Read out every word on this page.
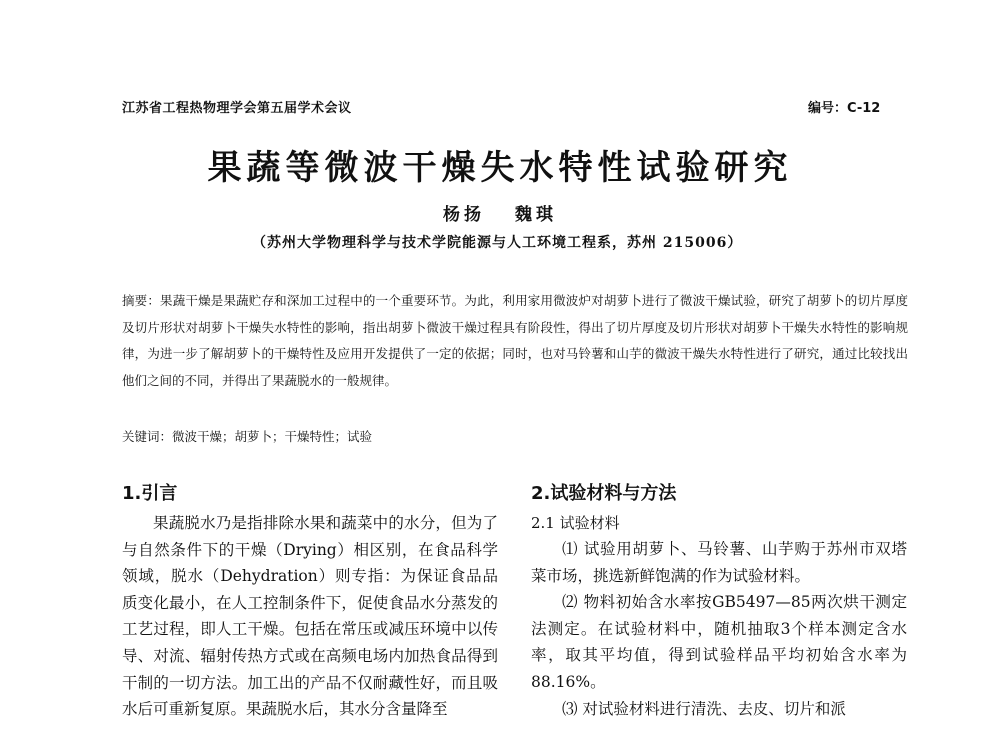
江苏省工程热物理学会第五届学术会议	编号：C-12
果蔬等微波干燥失水特性试验研究
杨扬 魏琪
（苏州大学物理科学与技术学院能源与人工环境工程系，苏州 215006）
摘要：果蔬干燥是果蔬贮存和深加工过程中的一个重要环节。为此，利用家用微波炉对胡萝卜进行了微波干燥试验，研究了胡萝卜的切片厚度及切片形状对胡萝卜干燥失水特性的影响，指出胡萝卜微波干燥过程具有阶段性，得出了切片厚度及切片形状对胡萝卜干燥失水特性的影响规律，为进一步了解胡萝卜的干燥特性及应用开发提供了一定的依据；同时，也对马铃薯和山芋的微波干燥失水特性进行了研究，通过比较找出他们之间的不同，并得出了果蔬脱水的一般规律。
关键词：微波干燥；胡萝卜；干燥特性；试验
1.引言

果蔬脱水乃是指排除水果和蔬菜中的水分，但为了与自然条件下的干燥（Drying）相区别，在食品科学领域，脱水（Dehydration）则专指：为保证食品品质变化最小，在人工控制条件下，促使食品水分蒸发的工艺过程，即人工干燥。包括在常压或减压环境中以传导、对流、辐射传热方式或在高频电场内加热食品得到干制的一切方法。加工出的产品不仅耐藏性好，而且吸水后可重新复原。果蔬脱水后，其水分含量降至

2.试验材料与方法
2.1 试验材料

⑴ 试验用胡萝卜、马铃薯、山芋购于苏州市双塔菜市场，挑选新鲜饱满的作为试验材料。

⑵ 物料初始含水率按GB5497—85两次烘干测定法测定。在试验材料中，随机抽取3个样本测定含水率，取其平均值，得到试验样品平均初始含水率为88.16%。

⑶ 对试验材料进行清洗、去皮、切片和派
